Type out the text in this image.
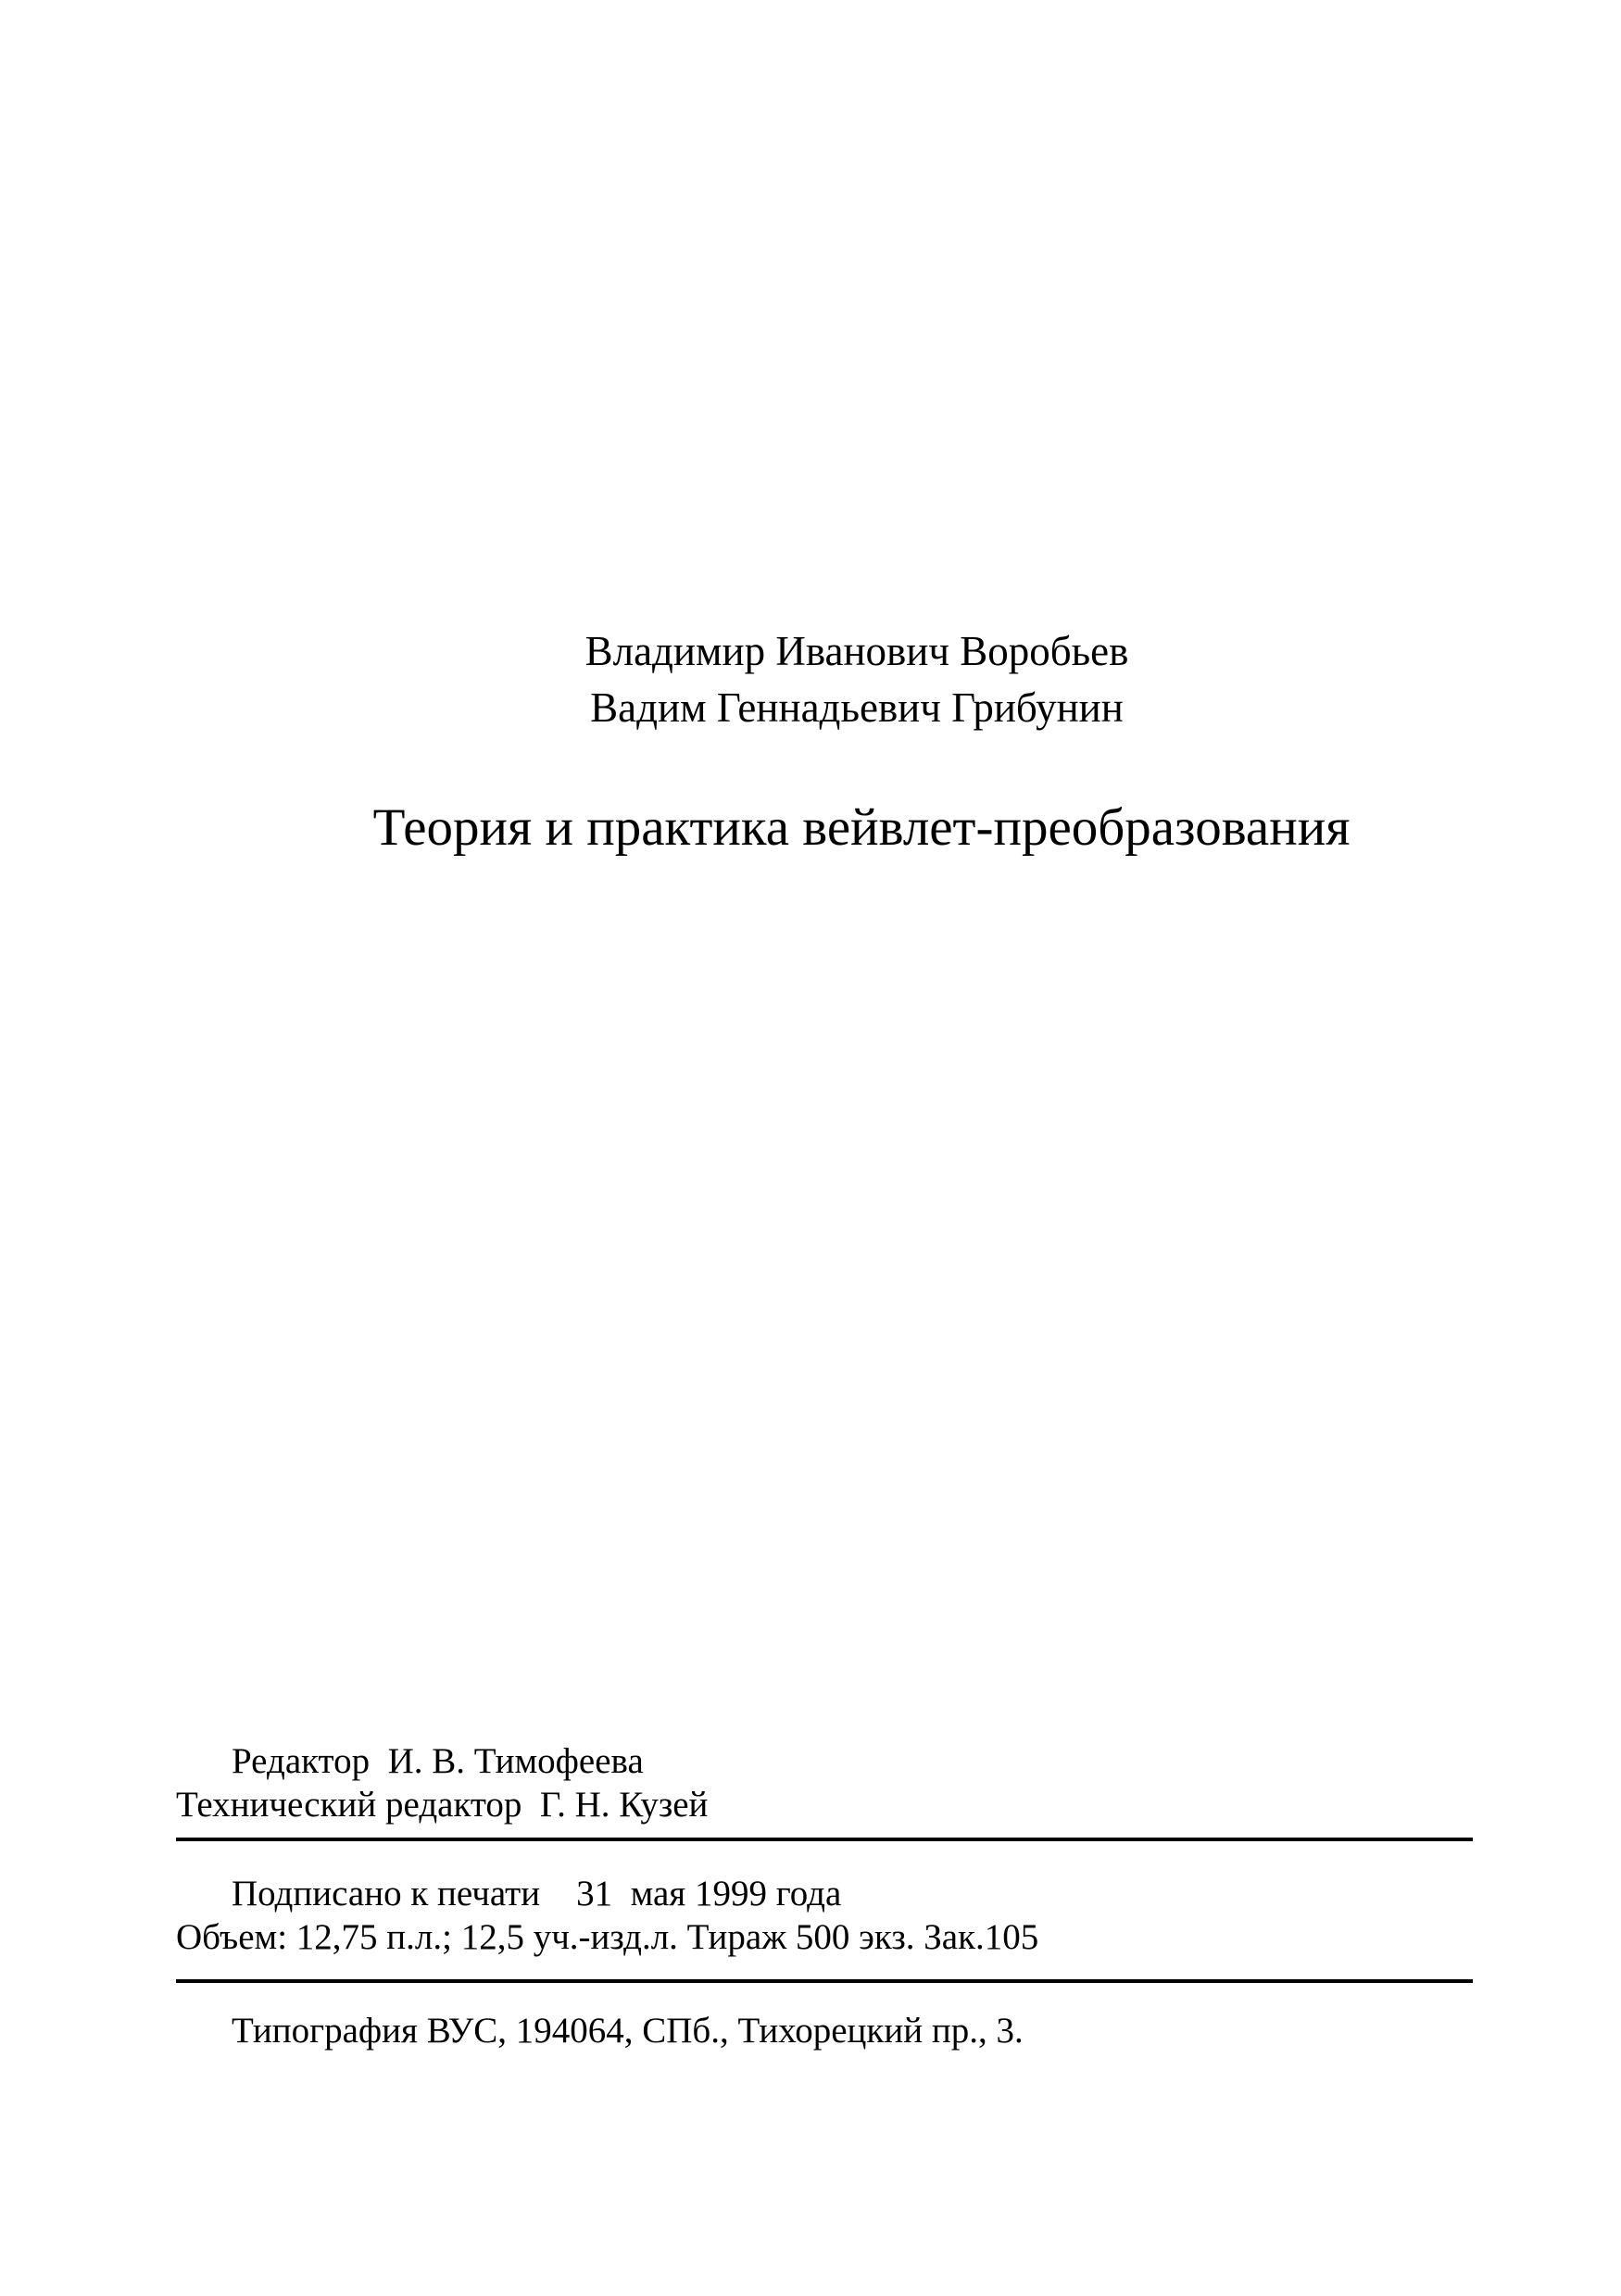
Владимир Иванович Воробьев
Вадим Геннадьевич Грибунин
Теория и практика вейвлет-преобразования
Редактор  И. В. Тимофеева
Технический редактор  Г. Н. Кузей
Подписано к печати    31  мая 1999 года
Объем: 12,75 п.л.; 12,5 уч.-изд.л. Тираж 500 экз. Зак.105
Типография ВУС, 194064, СПб., Тихорецкий пр., 3.
